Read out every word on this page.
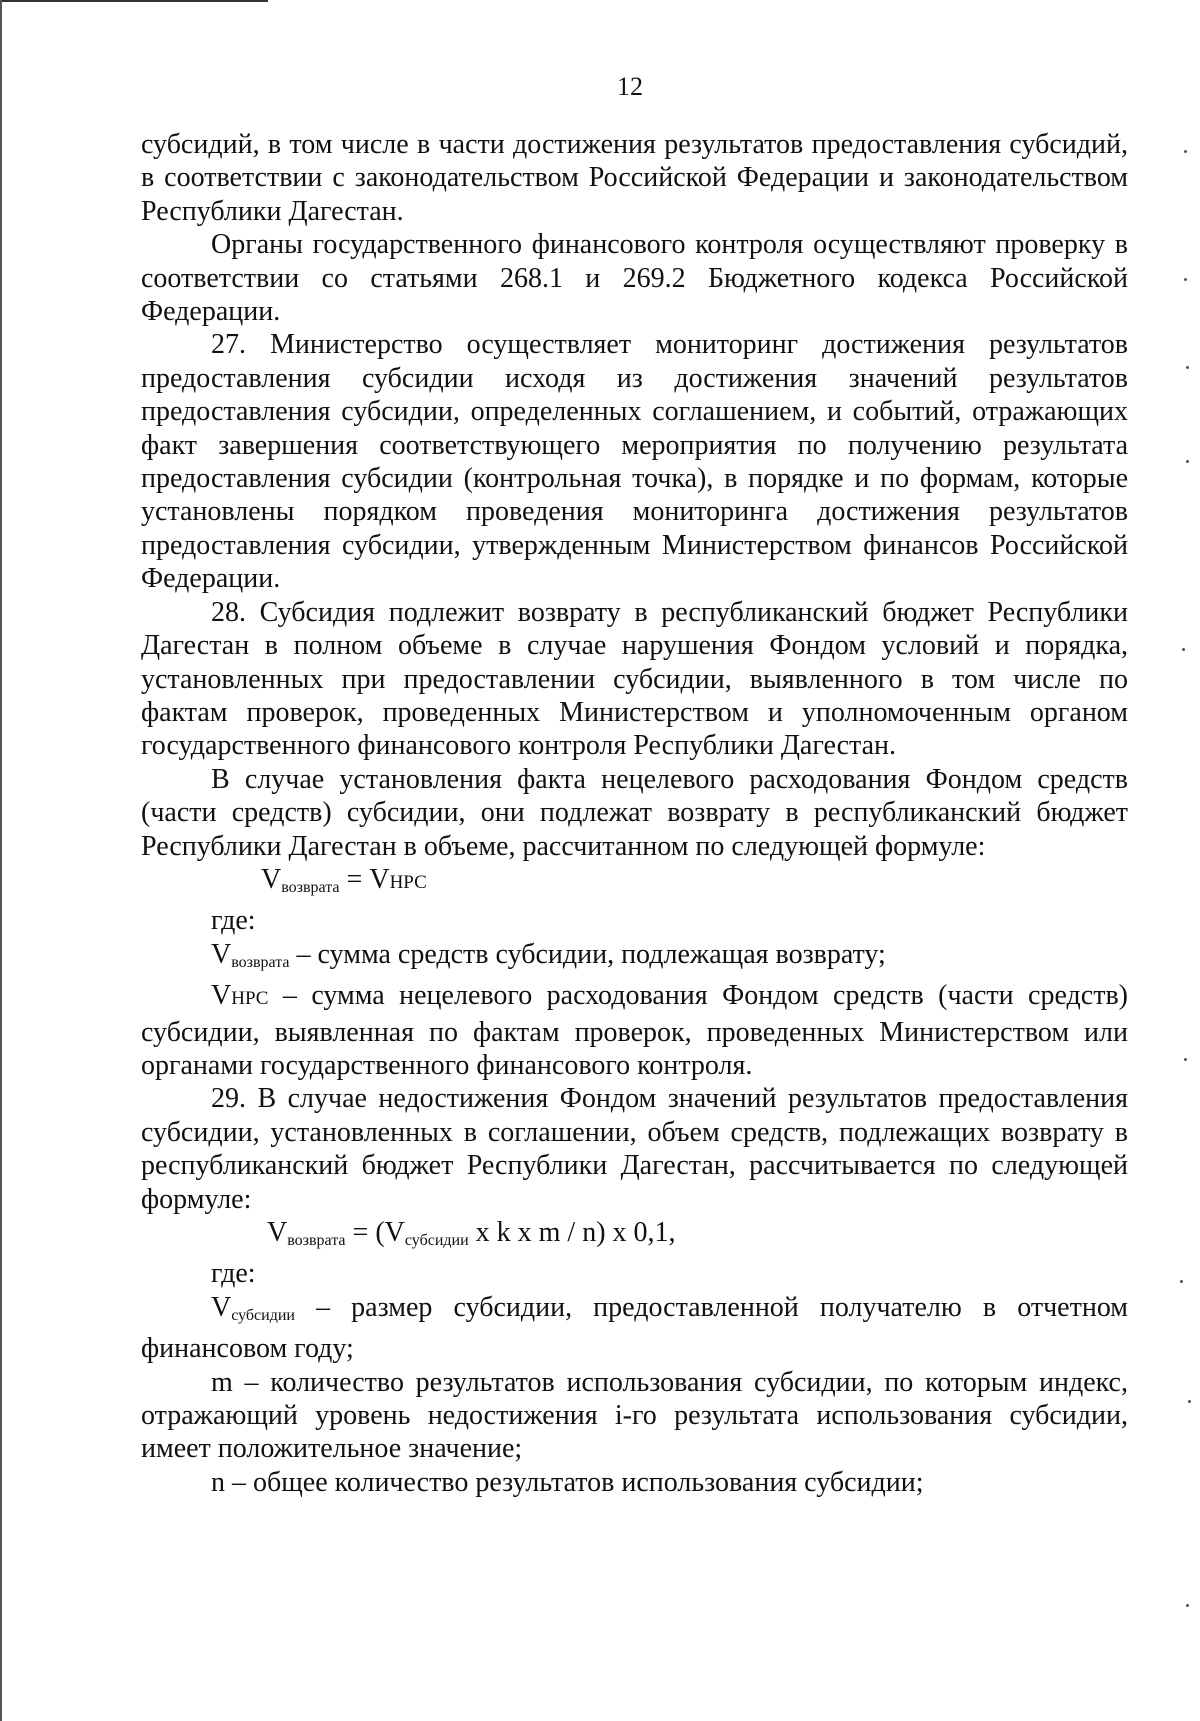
12

субсидий, в том числе в части достижения результатов предоставления субсидий, в соответствии с законодательством Российской Федерации и законодательством Республики Дагестан.

Органы государственного финансового контроля осуществляют проверку в соответствии со статьями 268.1 и 269.2 Бюджетного кодекса Российской Федерации.

27. Министерство осуществляет мониторинг достижения результатов предоставления субсидии исходя из достижения значений результатов предоставления субсидии, определенных соглашением, и событий, отражающих факт завершения соответствующего мероприятия по получению результата предоставления субсидии (контрольная точка), в порядке и по формам, которые установлены порядком проведения мониторинга достижения результатов предоставления субсидии, утвержденным Министерством финансов Российской Федерации.

28. Субсидия подлежит возврату в республиканский бюджет Республики Дагестан в полном объеме в случае нарушения Фондом условий и порядка, установленных при предоставлении субсидии, выявленного в том числе по фактам проверок, проведенных Министерством и уполномоченным органом государственного финансового контроля Республики Дагестан.

В случае установления факта нецелевого расходования Фондом средств (части средств) субсидии, они подлежат возврату в республиканский бюджет Республики Дагестан в объеме, рассчитанном по следующей формуле:

$V_{возврата}$ = VНРС

где:

$V_{возврата}$ – сумма средств субсидии, подлежащая возврату;

VНРС – сумма нецелевого расходования Фондом средств (части средств) субсидии, выявленная по фактам проверок, проведенных Министерством или органами государственного финансового контроля.

29. В случае недостижения Фондом значений результатов предоставления субсидии, установленных в соглашении, объем средств, подлежащих возврату в республиканский бюджет Республики Дагестан, рассчитывается по следующей формуле:

$V_{возврата} = (V_{субсидии}$ x k x m / n) x 0,1,

где:

$V_{субсидии}$ – размер субсидии, предоставленной получателю в отчетном финансовом году;

m – количество результатов использования субсидии, по которым индекс, отражающий уровень недостижения i-го результата использования субсидии, имеет положительное значение;

n – общее количество результатов использования субсидии;
